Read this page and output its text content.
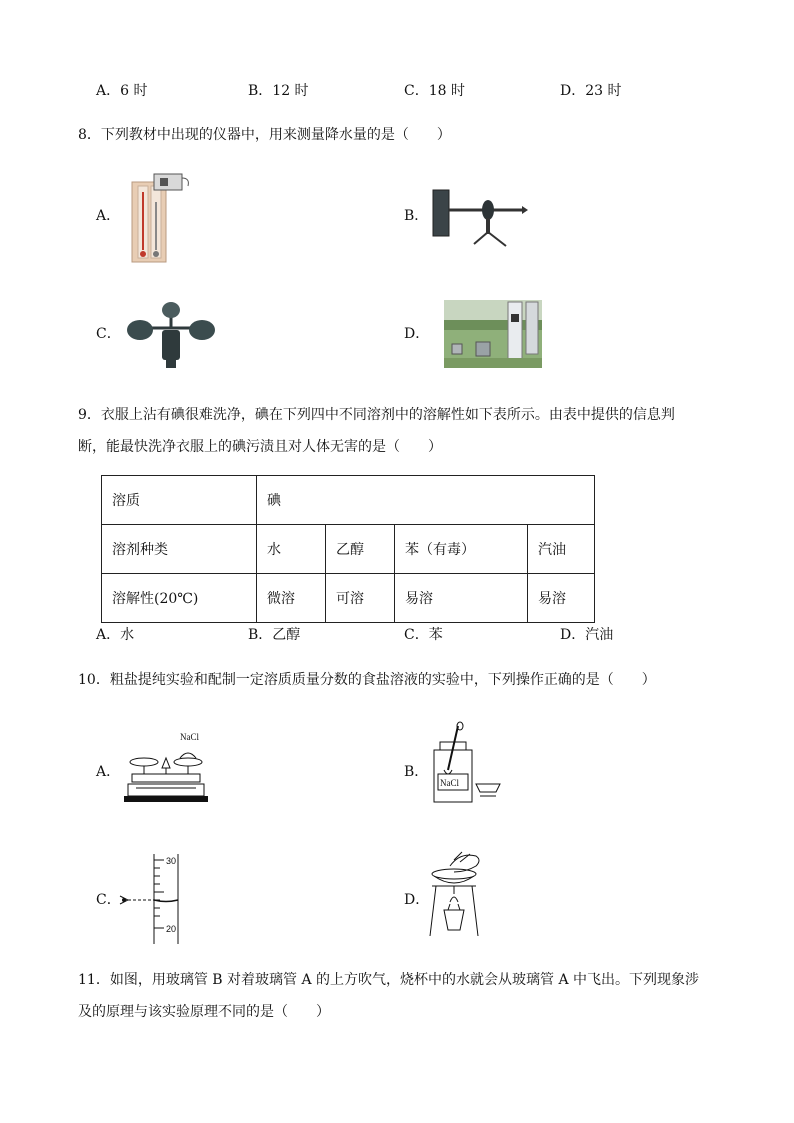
A．6 时	B．12 时	C．18 时	D．23 时
8．下列教材中出现的仪器中，用来测量降水量的是（　　）
A．	B．
C．	D．
9．衣服上沾有碘很难洗净，碘在下列四中不同溶剂中的溶解性如下表所示。由表中提供的信息判
断，能最快洗净衣服上的碘污渍且对人体无害的是（　　）
溶质	碘			
溶剂种类	水	乙醇	苯（有毒）	汽油
溶解性(20℃)	微溶	可溶	易溶	易溶
A．水	B．乙醇	C．苯	D．汽油
10．粗盐提纯实验和配制一定溶质质量分数的食盐溶液的实验中，下列操作正确的是（　　）
A．	B．
C．	D．
NaCl
NaCl
30
20
11．如图，用玻璃管 B 对着玻璃管 A 的上方吹气，烧杯中的水就会从玻璃管 A 中飞出。下列现象涉
及的原理与该实验原理不同的是（　　）
